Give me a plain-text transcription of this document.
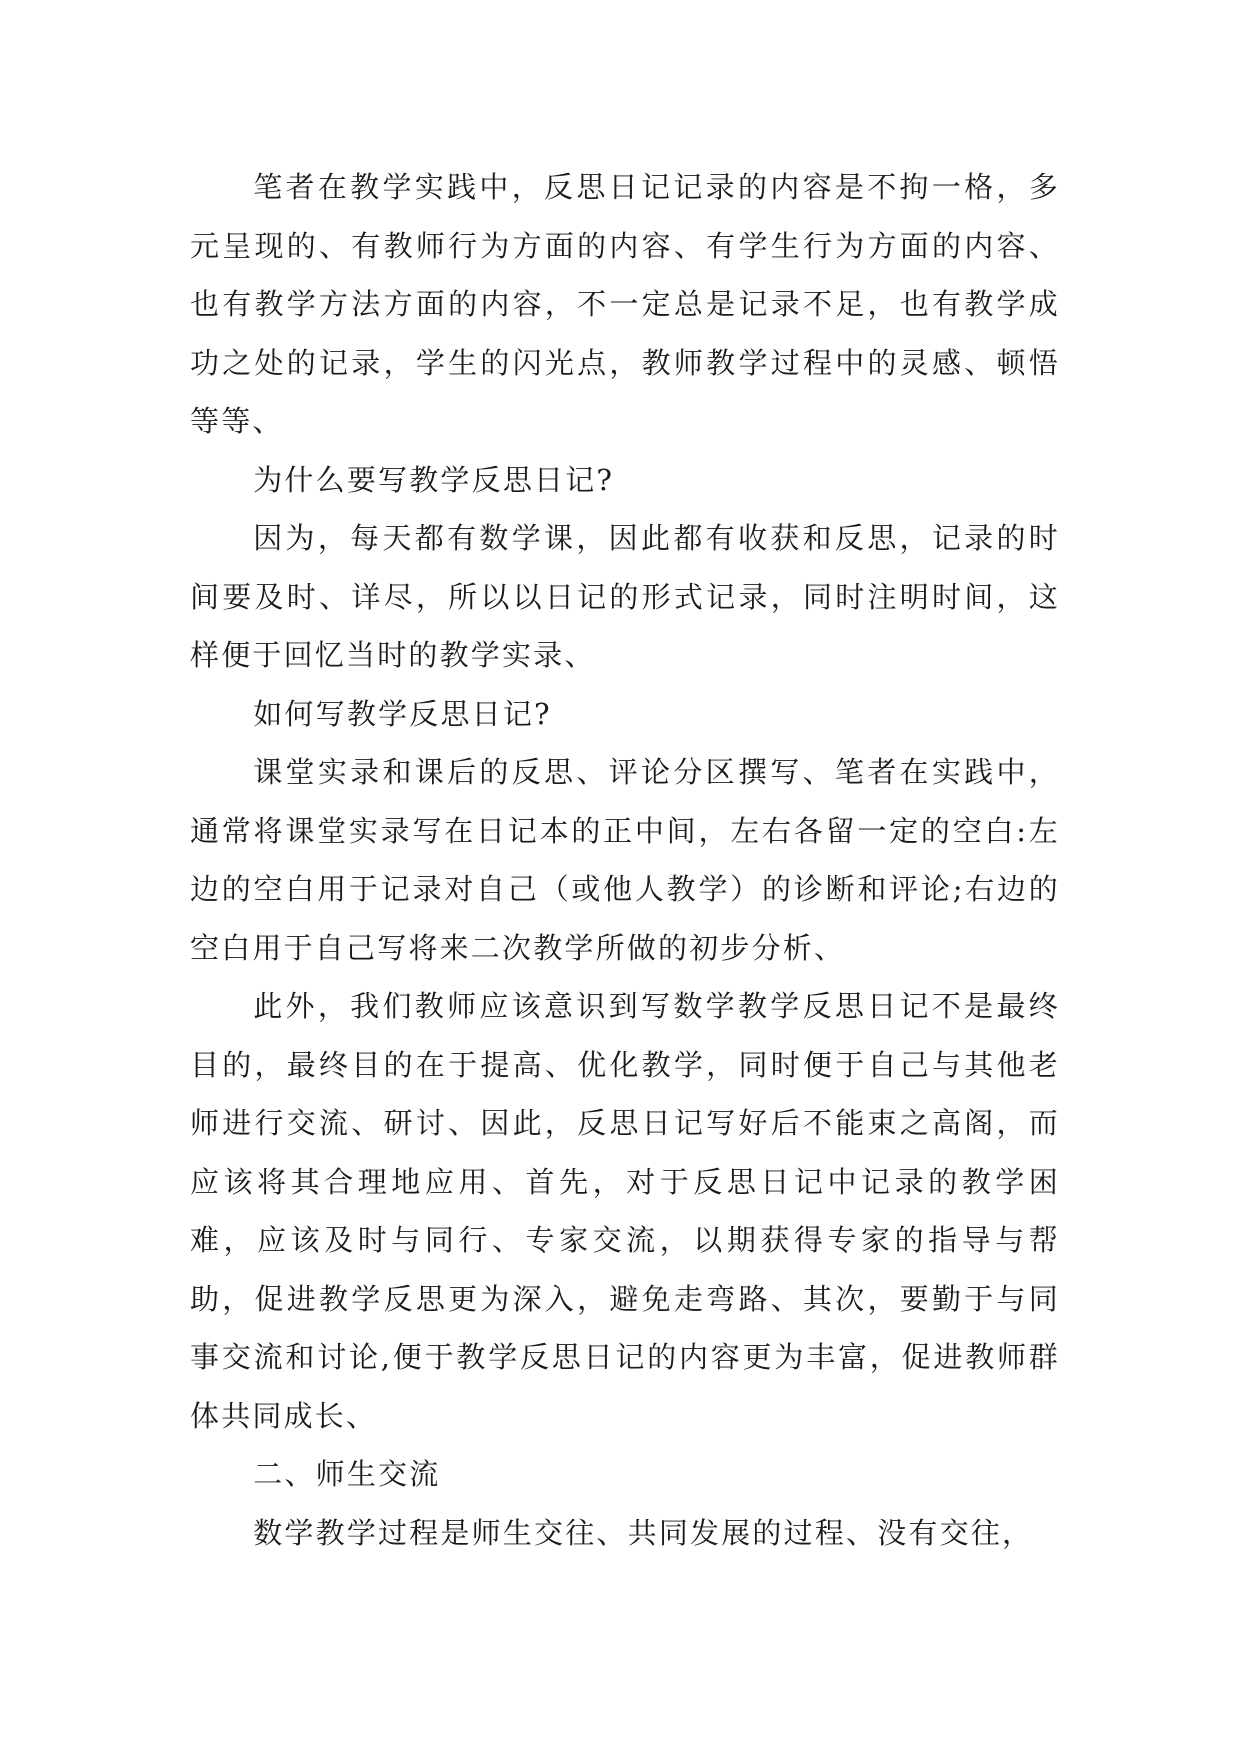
笔者在教学实践中，反思日记记录的内容是不拘一格，多元呈现的、有教师行为方面的内容、有学生行为方面的内容、也有教学方法方面的内容，不一定总是记录不足，也有教学成功之处的记录，学生的闪光点，教师教学过程中的灵感、顿悟等等、

为什么要写教学反思日记?

因为，每天都有数学课，因此都有收获和反思，记录的时间要及时、详尽，所以以日记的形式记录，同时注明时间，这样便于回忆当时的教学实录、

如何写教学反思日记?

课堂实录和课后的反思、评论分区撰写、笔者在实践中，通常将课堂实录写在日记本的正中间，左右各留一定的空白:左边的空白用于记录对自己（或他人教学）的诊断和评论;右边的空白用于自己写将来二次教学所做的初步分析、

此外，我们教师应该意识到写数学教学反思日记不是最终目的，最终目的在于提高、优化教学，同时便于自己与其他老师进行交流、研讨、因此，反思日记写好后不能束之高阁，而应该将其合理地应用、首先，对于反思日记中记录的教学困难，应该及时与同行、专家交流，以期获得专家的指导与帮助，促进教学反思更为深入，避免走弯路、其次，要勤于与同事交流和讨论,便于教学反思日记的内容更为丰富，促进教师群体共同成长、

二、师生交流

数学教学过程是师生交往、共同发展的过程、没有交往，
